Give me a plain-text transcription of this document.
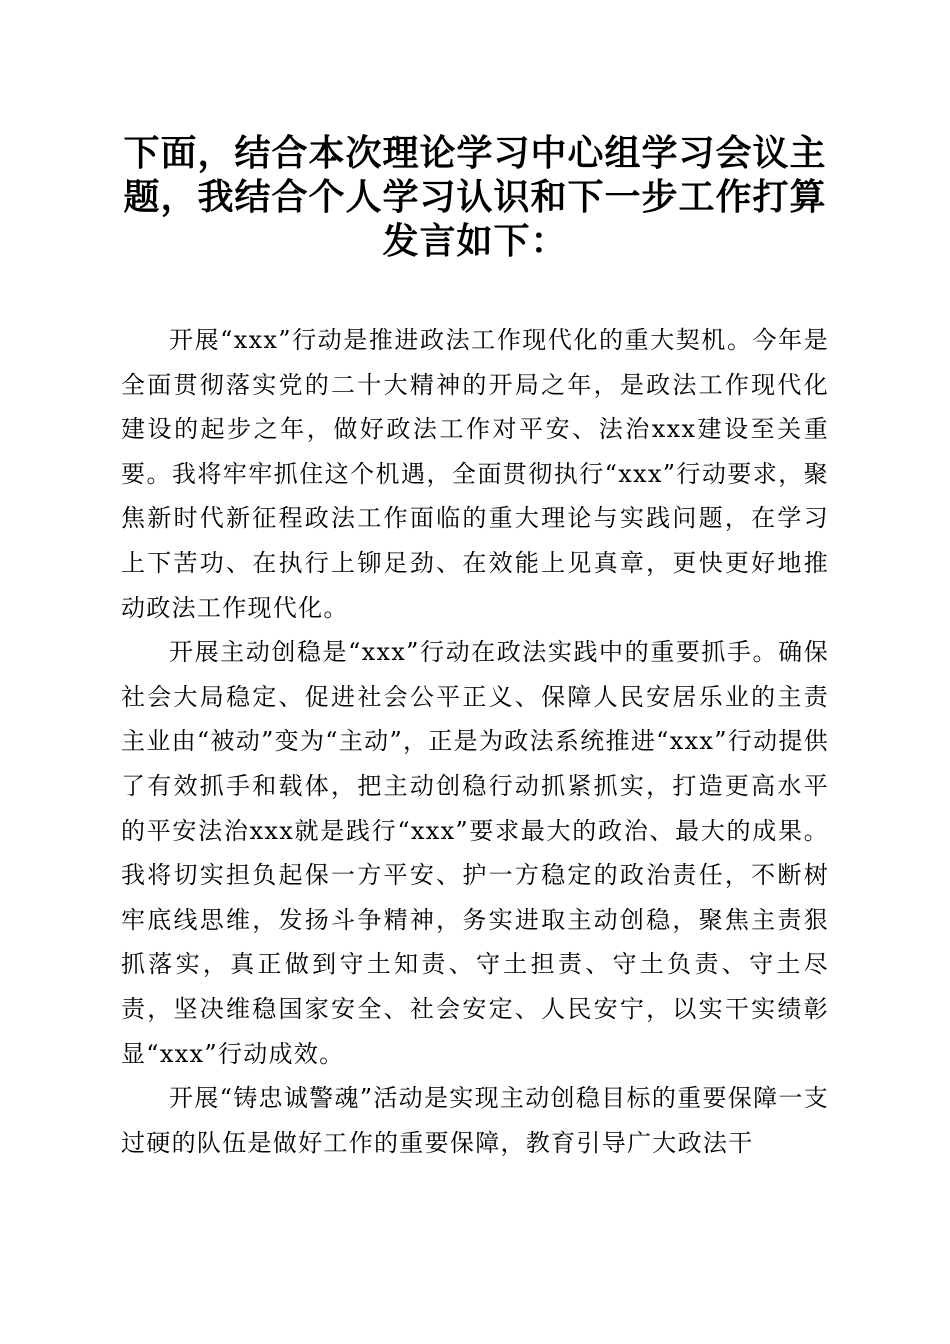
下面，结合本次理论学习中心组学习会议主题，我结合个人学习认识和下一步工作打算发言如下：

开展“xxx”行动是推进政法工作现代化的重大契机。今年是全面贯彻落实党的二十大精神的开局之年，是政法工作现代化建设的起步之年，做好政法工作对平安、法治xxx建设至关重要。我将牢牢抓住这个机遇，全面贯彻执行“xxx”行动要求，聚焦新时代新征程政法工作面临的重大理论与实践问题，在学习上下苦功、在执行上铆足劲、在效能上见真章，更快更好地推动政法工作现代化。

开展主动创稳是“xxx”行动在政法实践中的重要抓手。确保社会大局稳定、促进社会公平正义、保障人民安居乐业的主责主业由“被动”变为“主动”，正是为政法系统推进“xxx”行动提供了有效抓手和载体，把主动创稳行动抓紧抓实，打造更高水平的平安法治xxx就是践行“xxx”要求最大的政治、最大的成果。我将切实担负起保一方平安、护一方稳定的政治责任，不断树牢底线思维，发扬斗争精神，务实进取主动创稳，聚焦主责狠抓落实，真正做到守土知责、守土担责、守土负责、守土尽责，坚决维稳国家安全、社会安定、人民安宁，以实干实绩彰显“xxx”行动成效。

开展“铸忠诚警魂”活动是实现主动创稳目标的重要保障一支过硬的队伍是做好工作的重要保障，教育引导广大政法干
